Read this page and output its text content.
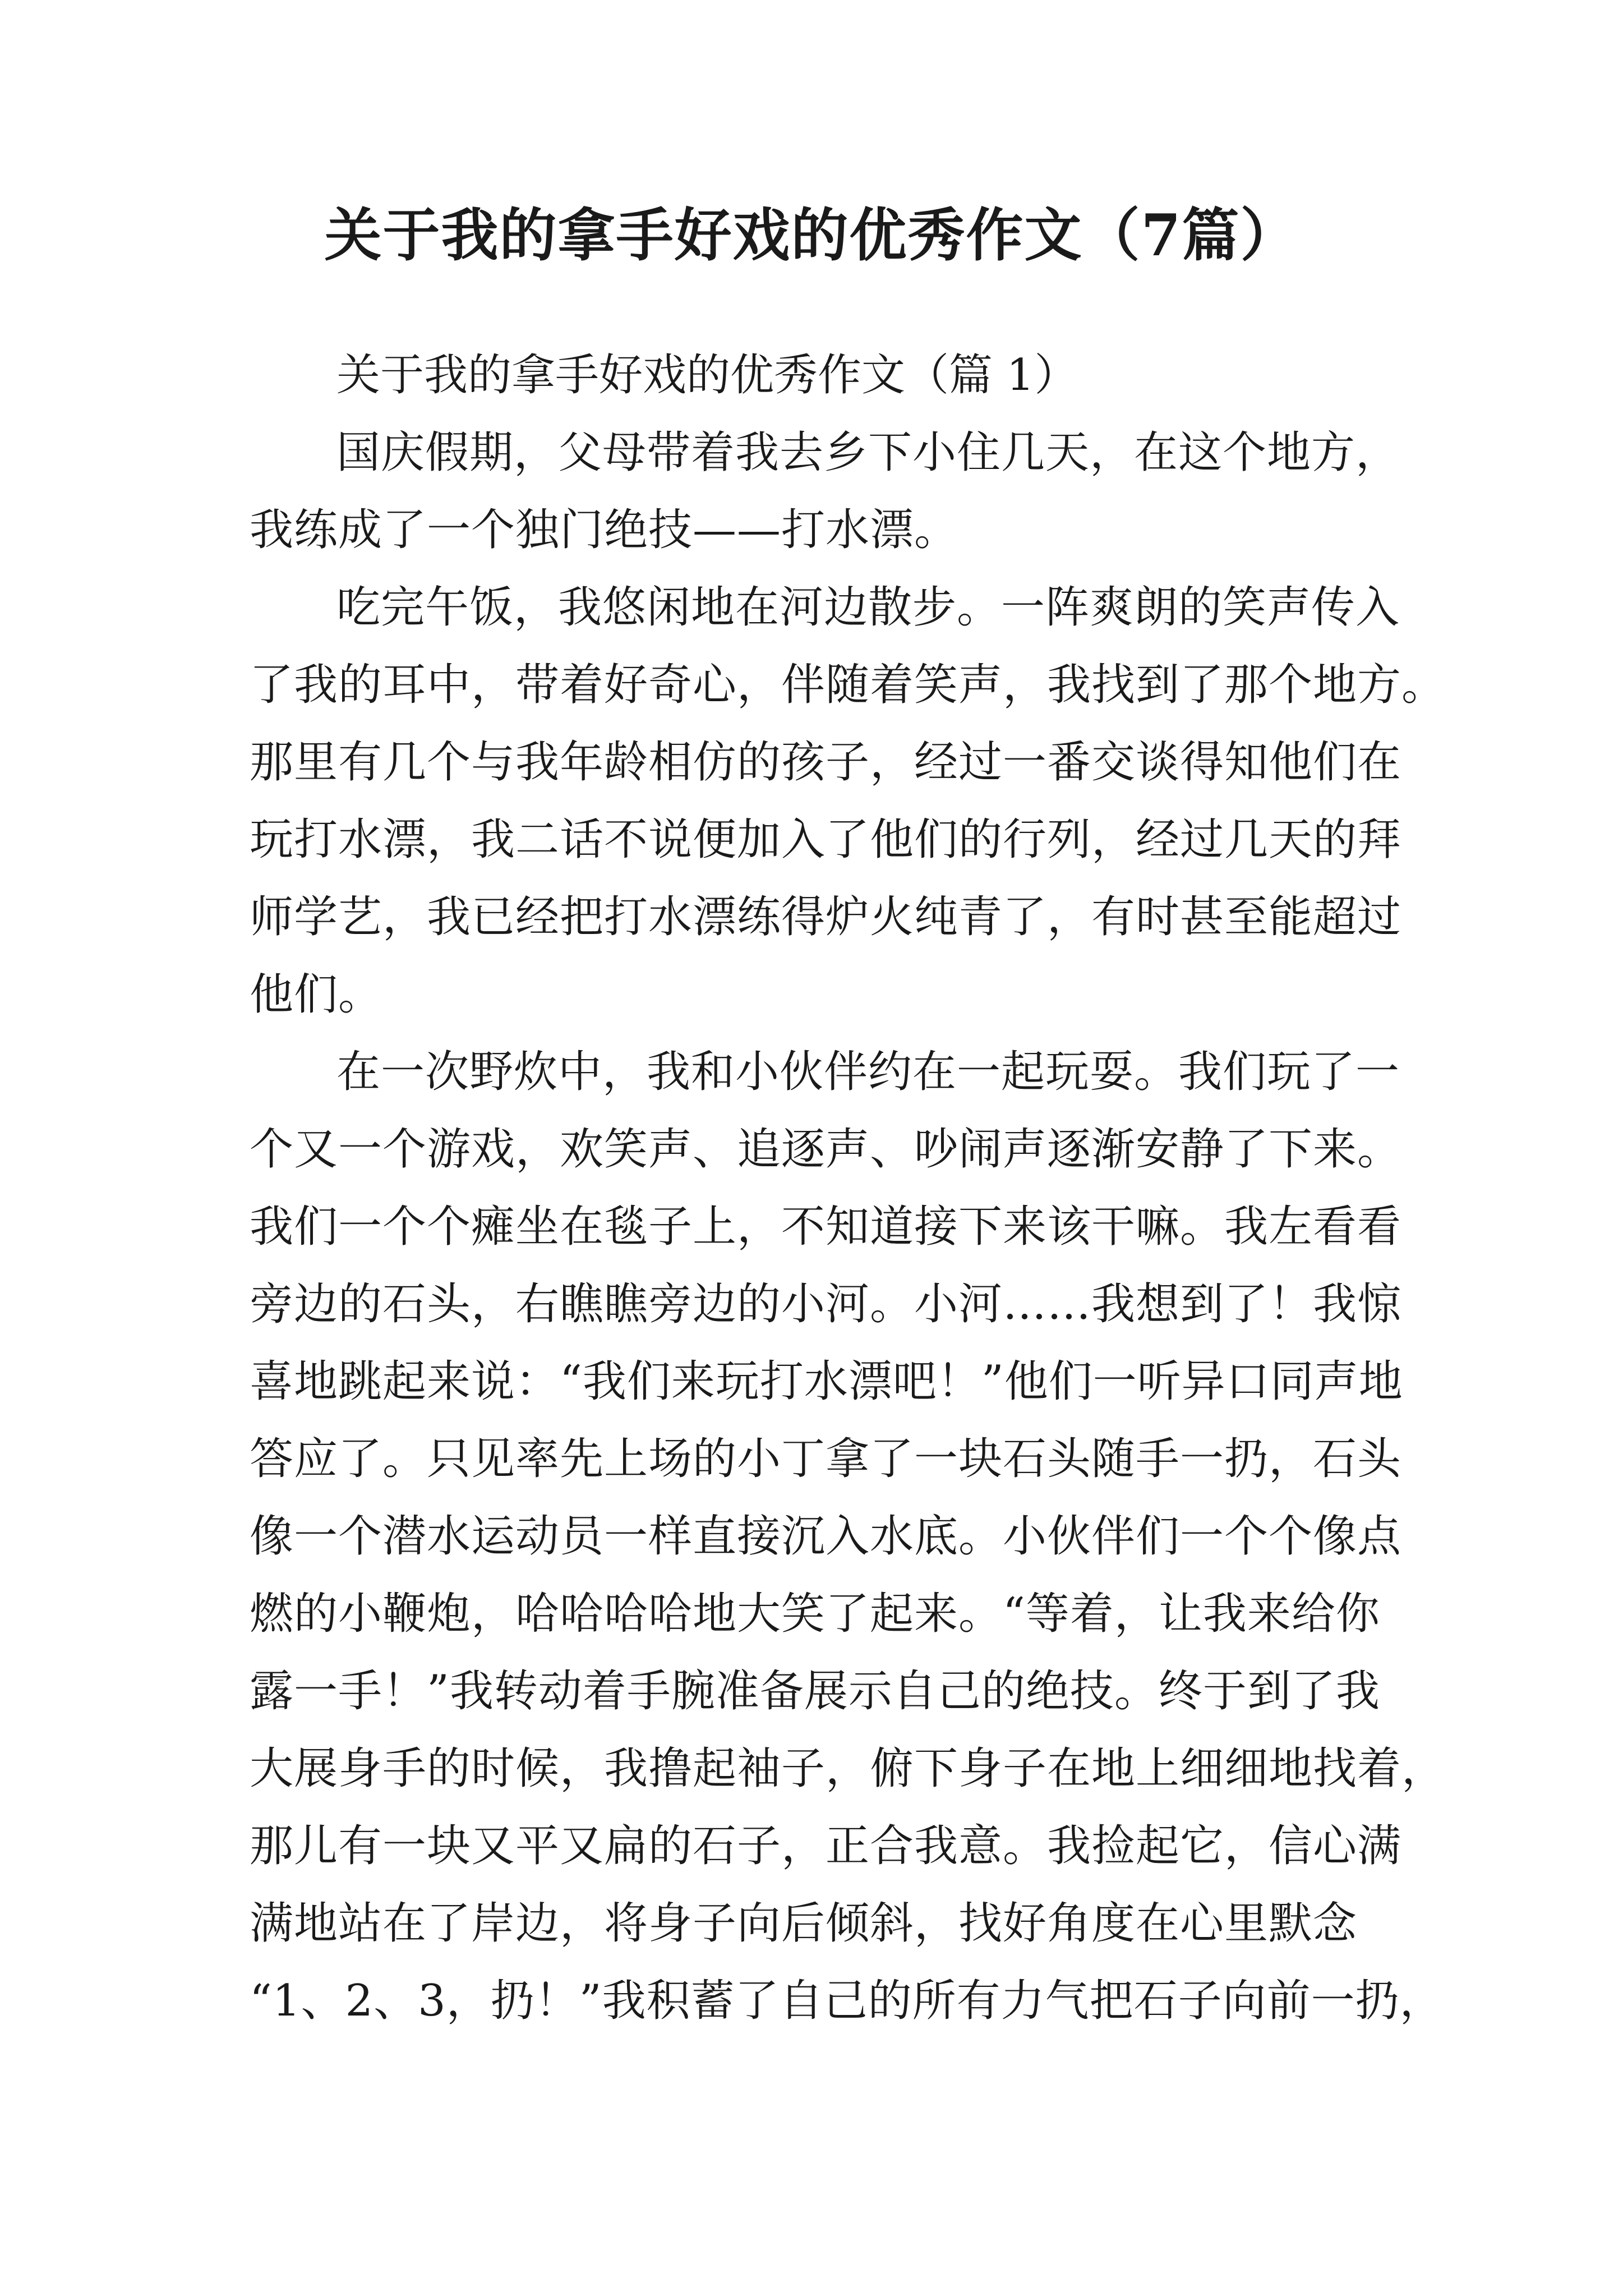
关于我的拿手好戏的优秀作文（7篇）

关于我的拿手好戏的优秀作文（篇 1）

国庆假期，父母带着我去乡下小住几天，在这个地方，
我练成了一个独门绝技——打水漂。
吃完午饭，我悠闲地在河边散步。一阵爽朗的笑声传入
了我的耳中，带着好奇心，伴随着笑声，我找到了那个地方。
那里有几个与我年龄相仿的孩子，经过一番交谈得知他们在
玩打水漂，我二话不说便加入了他们的行列，经过几天的拜
师学艺，我已经把打水漂练得炉火纯青了，有时甚至能超过
他们。
在一次野炊中，我和小伙伴约在一起玩耍。我们玩了一
个又一个游戏，欢笑声、追逐声、吵闹声逐渐安静了下来。
我们一个个瘫坐在毯子上，不知道接下来该干嘛。我左看看
旁边的石头，右瞧瞧旁边的小河。小河……我想到了！我惊
喜地跳起来说：“我们来玩打水漂吧！”他们一听异口同声地
答应了。只见率先上场的小丁拿了一块石头随手一扔，石头
像一个潜水运动员一样直接沉入水底。小伙伴们一个个像点
燃的小鞭炮，哈哈哈哈地大笑了起来。“等着，让我来给你
露一手！”我转动着手腕准备展示自己的绝技。终于到了我
大展身手的时候，我撸起袖子，俯下身子在地上细细地找着，
那儿有一块又平又扁的石子，正合我意。我捡起它，信心满
满地站在了岸边，将身子向后倾斜，找好角度在心里默念
“1、2、3，扔！”我积蓄了自己的所有力气把石子向前一扔，
